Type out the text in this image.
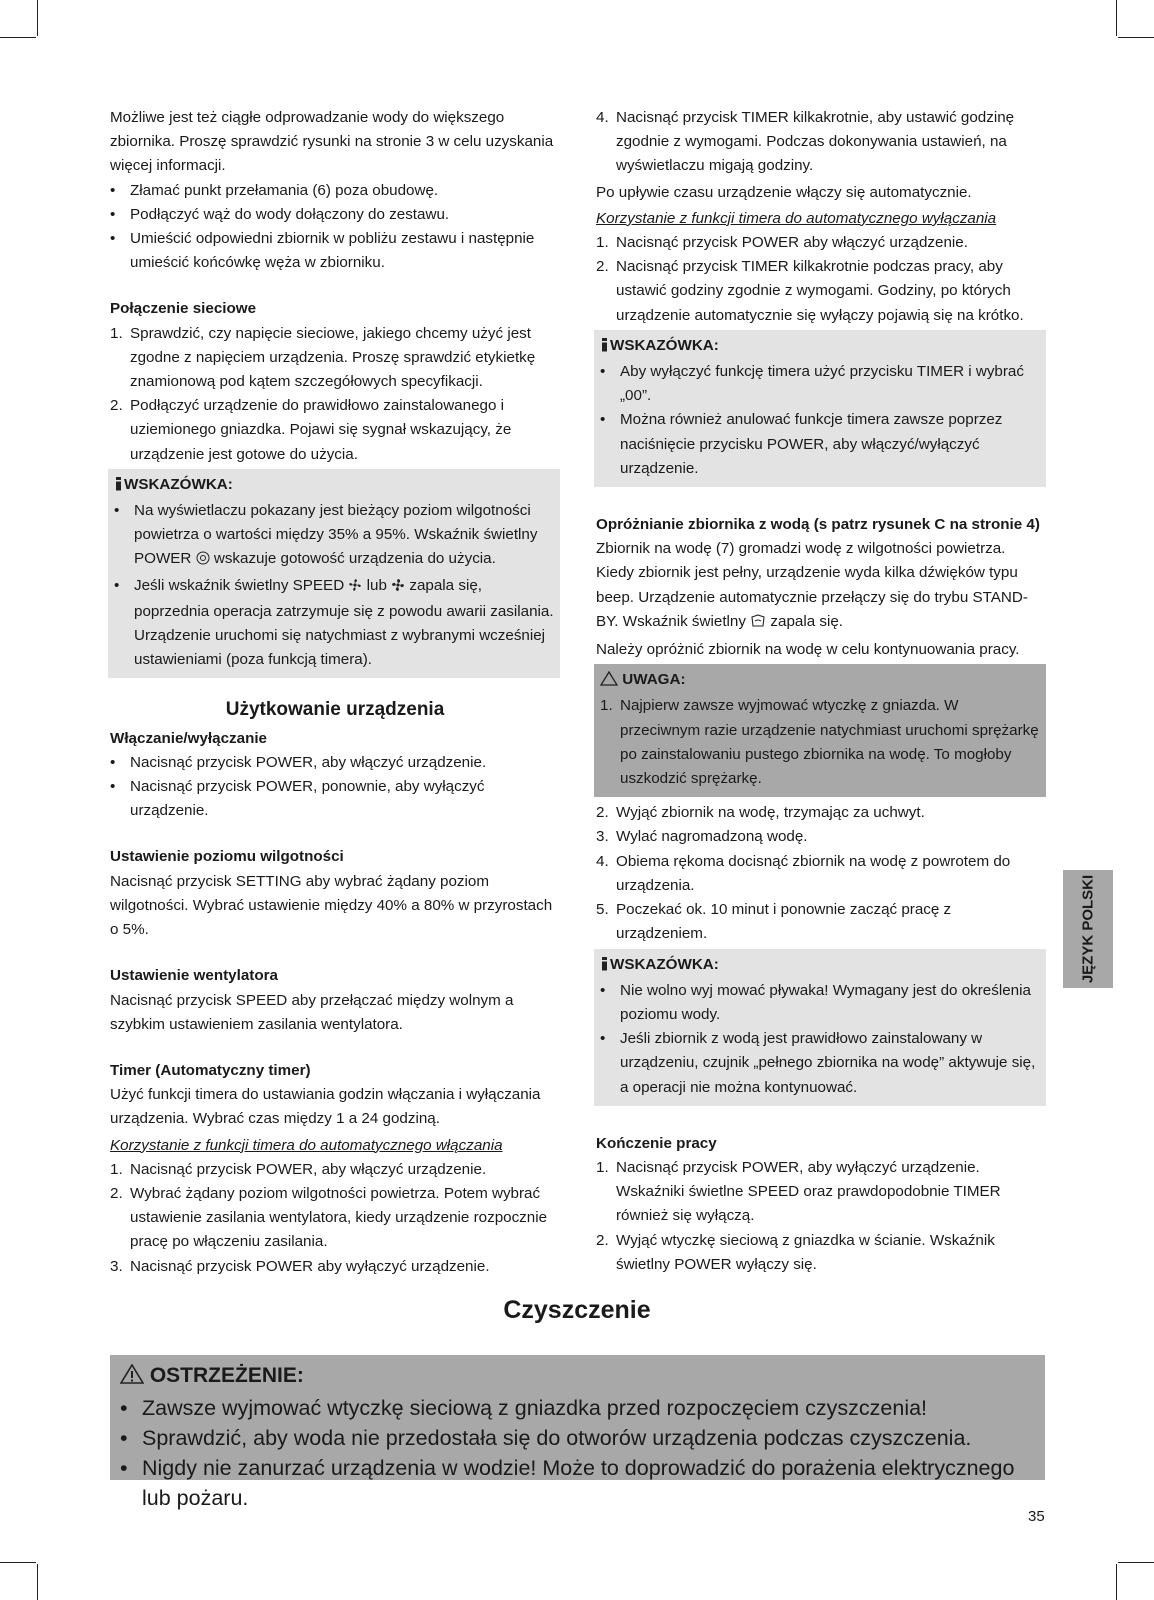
Możliwe jest też ciągłe odprowadzanie wody do większego zbiornika. Proszę sprawdzić rysunki na stronie 3 w celu uzyskania więcej informacji.

• Złamać punkt przełamania (6) poza obudowę.
• Podłączyć wąż do wody dołączony do zestawu.
• Umieścić odpowiedni zbiornik w pobliżu zestawu i następnie umieścić końcówkę węża w zbiorniku.

Połączenie sieciowe

1. Sprawdzić, czy napięcie sieciowe, jakiego chcemy użyć jest zgodne z napięciem urządzenia. Proszę sprawdzić etykietkę znamionową pod kątem szczegółowych specyfikacji.
2. Podłączyć urządzenie do prawidłowo zainstalowanego i uziemionego gniazdka. Pojawi się sygnał wskazujący, że urządzenie jest gotowe do użycia.
WSKAZÓWKA:
• Na wyświetlaczu pokazany jest bieżący poziom wilgotności powietrza o wartości między 35% a 95%. Wskaźnik świetlny POWER wskazuje gotowość urządzenia do użycia.
• Jeśli wskaźnik świetlny SPEED lub zapala się, poprzednia operacja zatrzymuje się z powodu awarii zasilania. Urządzenie uruchomi się natychmiast z wybranymi wcześniej ustawieniami (poza funkcją timera).

Użytkowanie urządzenia

Włączanie/wyłączanie

• Nacisnąć przycisk POWER, aby włączyć urządzenie.
• Nacisnąć przycisk POWER, ponownie, aby wyłączyć urządzenie.

Ustawienie poziomu wilgotności

Nacisnąć przycisk SETTING aby wybrać żądany poziom wilgotności. Wybrać ustawienie między 40% a 80% w przyrostach o 5%.

Ustawienie wentylatora

Nacisnąć przycisk SPEED aby przełączać między wolnym a szybkim ustawieniem zasilania wentylatora.

Timer (Automatyczny timer)

Użyć funkcji timera do ustawiania godzin włączania i wyłączania urządzenia. Wybrać czas między 1 a 24 godziną.

Korzystanie z funkcji timera do automatycznego włączania

1. Nacisnąć przycisk POWER, aby włączyć urządzenie.
2. Wybrać żądany poziom wilgotności powietrza. Potem wybrać ustawienie zasilania wentylatora, kiedy urządzenie rozpocznie pracę po włączeniu zasilania.
3. Nacisnąć przycisk POWER aby wyłączyć urządzenie.
4. Nacisnąć przycisk TIMER kilkakrotnie, aby ustawić godzinę zgodnie z wymogami. Podczas dokonywania ustawień, na wyświetlaczu migają godziny.

Po upływie czasu urządzenie włączy się automatycznie.

Korzystanie z funkcji timera do automatycznego wyłączania

1. Nacisnąć przycisk POWER aby włączyć urządzenie.
2. Nacisnąć przycisk TIMER kilkakrotnie podczas pracy, aby ustawić godziny zgodnie z wymogami. Godziny, po których urządzenie automatycznie się wyłączy pojawią się na krótko.
WSKAZÓWKA:
• Aby wyłączyć funkcję timera użyć przycisku TIMER i wybrać „00”.
• Można również anulować funkcje timera zawsze poprzez naciśnięcie przycisku POWER, aby włączyć/wyłączyć urządzenie.

Opróżnianie zbiornika z wodą (s patrz rysunek C na stronie 4)

Zbiornik na wodę (7) gromadzi wodę z wilgotności powietrza. Kiedy zbiornik jest pełny, urządzenie wyda kilka dźwięków typu beep. Urządzenie automatycznie przełączy się do trybu STAND-BY. Wskaźnik świetlny zapala się.

Należy opróżnić zbiornik na wodę w celu kontynuowania pracy.

UWAGA:
1. Najpierw zawsze wyjmować wtyczkę z gniazda. W przeciwnym razie urządzenie natychmiast uruchomi sprężarkę po zainstalowaniu pustego zbiornika na wodę. To mogłoby uszkodzić sprężarkę.
2. Wyjąć zbiornik na wodę, trzymając za uchwyt.
3. Wylać nagromadzoną wodę.
4. Obiema rękoma docisnąć zbiornik na wodę z powrotem do urządzenia.
5. Poczekać ok. 10 minut i ponownie zacząć pracę z urządzeniem.
WSKAZÓWKA:
• Nie wolno wyj mować pływaka! Wymagany jest do określenia poziomu wody.
• Jeśli zbiornik z wodą jest prawidłowo zainstalowany w urządzeniu, czujnik „pełnego zbiornika na wodę” aktywuje się, a operacji nie można kontynuować.

Kończenie pracy

1. Nacisnąć przycisk POWER, aby wyłączyć urządzenie. Wskaźniki świetlne SPEED oraz prawdopodobnie TIMER również się wyłączą.
2. Wyjąć wtyczkę sieciową z gniazdka w ścianie. Wskaźnik świetlny POWER wyłączy się.
JĘZYK POLSKI
Czyszczenie
OSTRZEŻENIE:
• Zawsze wyjmować wtyczkę sieciową z gniazdka przed rozpoczęciem czyszczenia!
• Sprawdzić, aby woda nie przedostała się do otworów urządzenia podczas czyszczenia.
• Nigdy nie zanurzać urządzenia w wodzie! Może to doprowadzić do porażenia elektrycznego lub pożaru.
35
